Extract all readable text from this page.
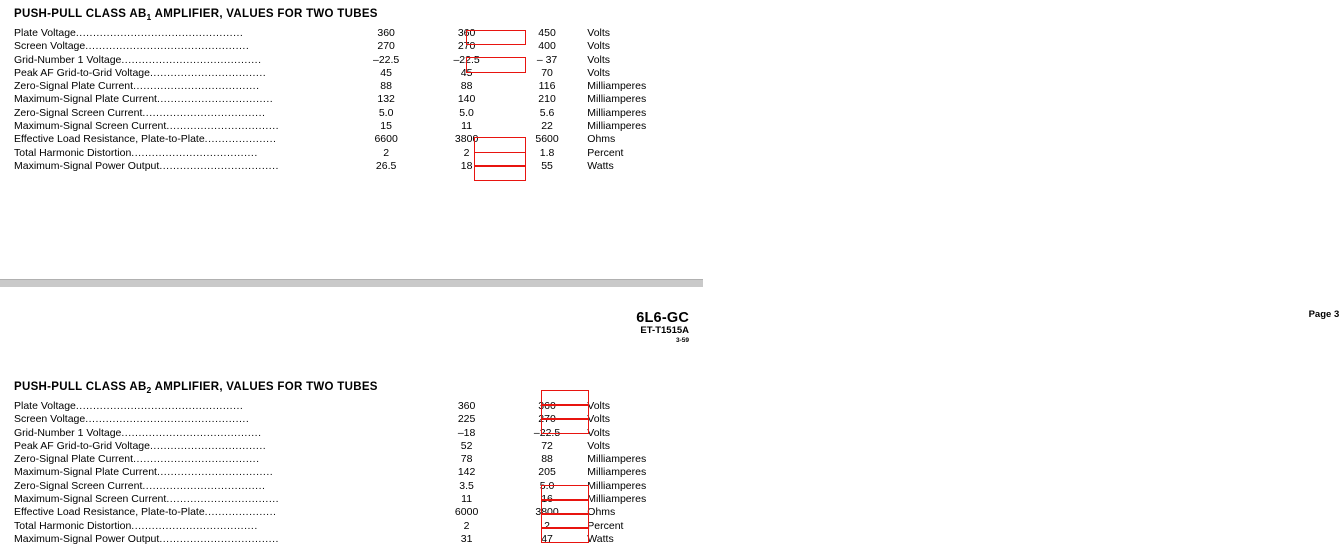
PUSH-PULL CLASS $AB_1$ AMPLIFIER, VALUES FOR TWO TUBES
Plate Voltage.................................................	360	360	450	Volts
Screen Voltage................................................	270	270	400	Volts
Grid-Number 1 Voltage.........................................	–22.5	–22.5	– 37	Volts
Peak AF Grid-to-Grid Voltage..................................	45	45	70	Volts
Zero-Signal Plate Current.....................................	88	88	116	Milliamperes
Maximum-Signal Plate Current..................................	132	140	210	Milliamperes
Zero-Signal Screen Current....................................	5.0	5.0	5.6	Milliamperes
Maximum-Signal Screen Current.................................	15	11	22	Milliamperes
Effective Load Resistance, Plate-to-Plate.....................	6600	3800	5600	Ohms
Total Harmonic Distortion.....................................	2	2	1.8	Percent
Maximum-Signal Power Output...................................	26.5	18	55	Watts
6L6-GC
ET-T1515A
Page 3
3-59
PUSH-PULL CLASS $AB_2$ AMPLIFIER, VALUES FOR TWO TUBES
Plate Voltage.................................................		360	360	Volts
Screen Voltage................................................		225	270	Volts
Grid-Number 1 Voltage.........................................		–18	–22.5	Volts
Peak AF Grid-to-Grid Voltage..................................		52	72	Volts
Zero-Signal Plate Current.....................................		78	88	Milliamperes
Maximum-Signal Plate Current..................................		142	205	Milliamperes
Zero-Signal Screen Current....................................		3.5	5.0	Milliamperes
Maximum-Signal Screen Current.................................		11	16	Milliamperes
Effective Load Resistance, Plate-to-Plate.....................		6000	3800	Ohms
Total Harmonic Distortion.....................................		2	2	Percent
Maximum-Signal Power Output...................................		31	47	Watts
